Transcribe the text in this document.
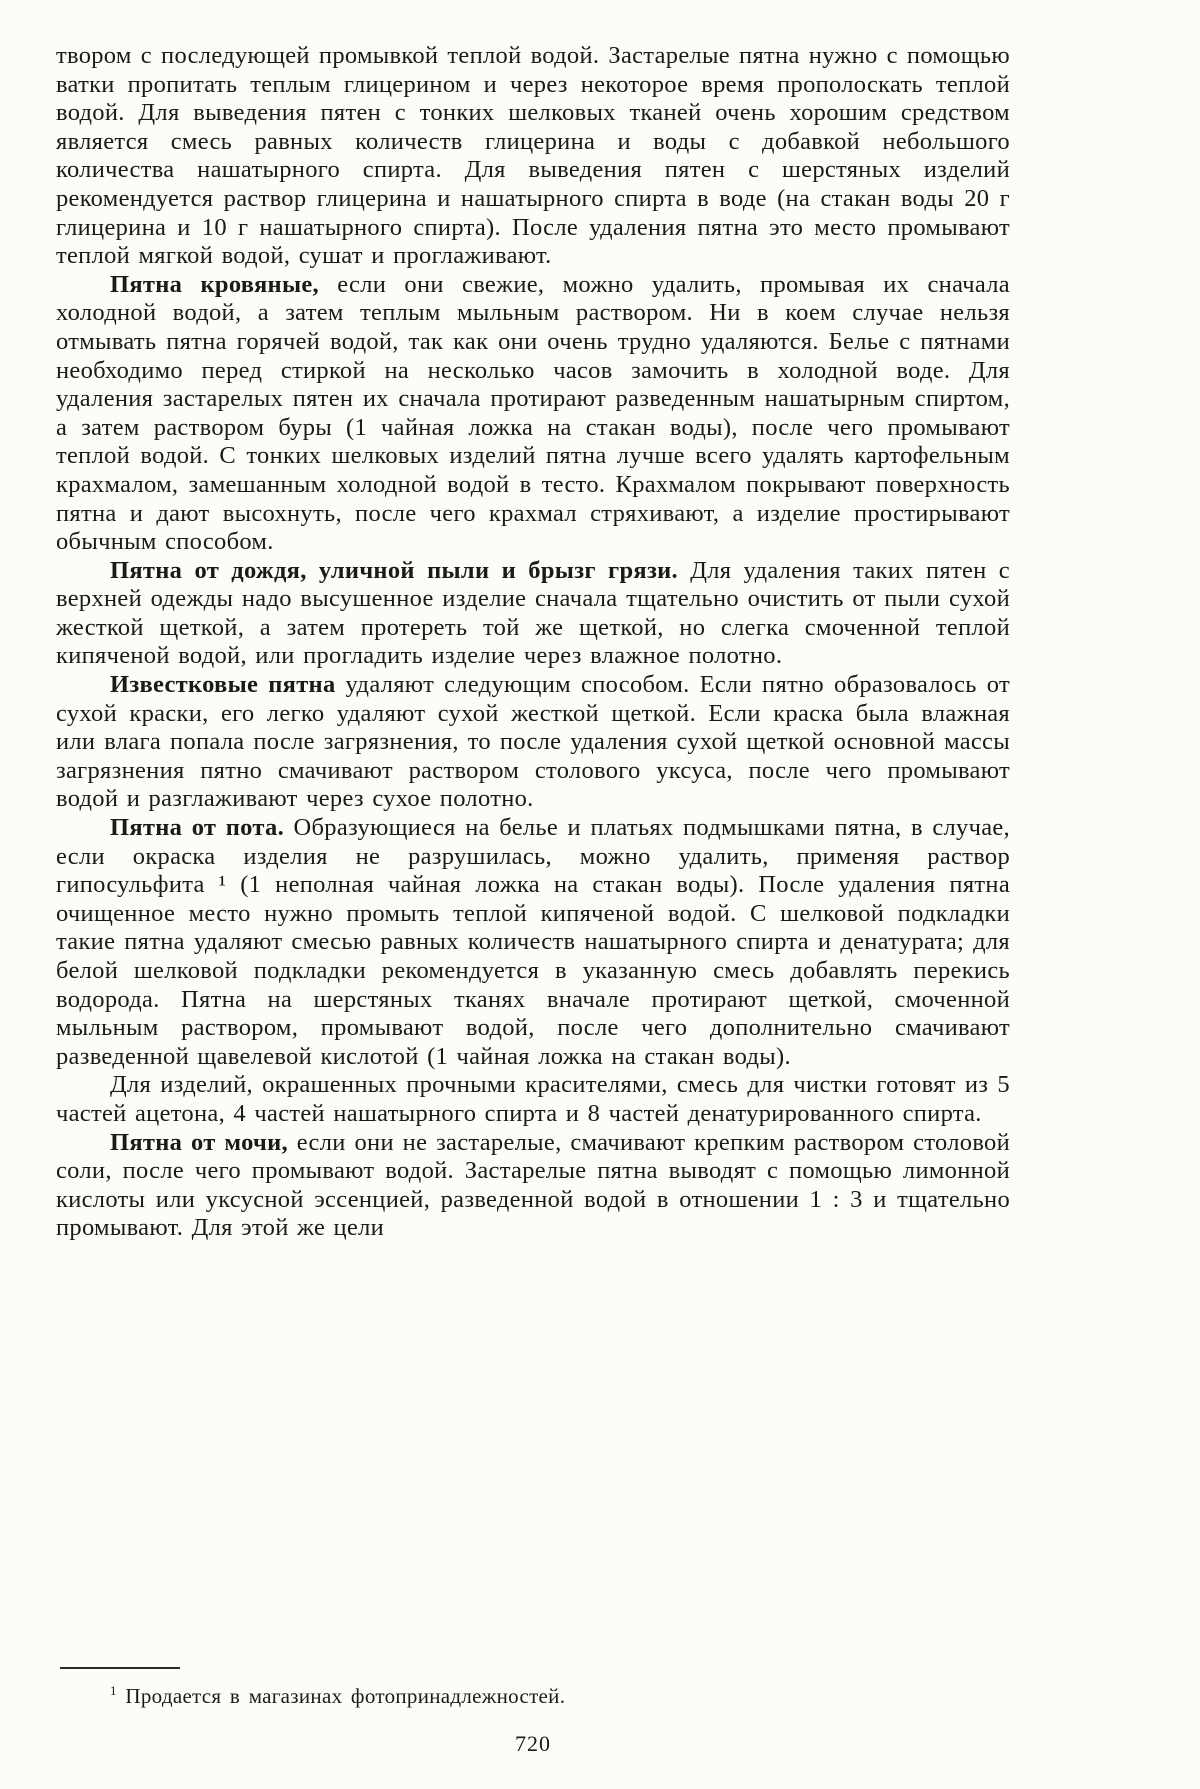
твором с последующей промывкой теплой водой. Застарелые пятна нужно с помощью ватки пропитать теплым глицерином и через некоторое время прополоскать теплой водой. Для выведения пятен с тонких шелковых тканей очень хорошим средством является смесь равных количеств глицерина и воды с добавкой небольшого количества нашатырного спирта. Для выведения пятен с шерстяных изделий рекомендуется раствор глицерина и нашатырного спирта в воде (на стакан воды 20 г глицерина и 10 г нашатырного спирта). После удаления пятна это место промывают теплой мягкой водой, сушат и проглаживают.

Пятна кровяные, если они свежие, можно удалить, промывая их сначала холодной водой, а затем теплым мыльным раствором. Ни в коем случае нельзя отмывать пятна горячей водой, так как они очень трудно удаляются. Белье с пятнами необходимо перед стиркой на несколько часов замочить в холодной воде. Для удаления застарелых пятен их сначала протирают разведенным нашатырным спиртом, а затем раствором буры (1 чайная ложка на стакан воды), после чего промывают теплой водой. С тонких шелковых изделий пятна лучше всего удалять картофельным крахмалом, замешанным холодной водой в тесто. Крахмалом покрывают поверхность пятна и дают высохнуть, после чего крахмал стряхивают, а изделие простирывают обычным способом.

Пятна от дождя, уличной пыли и брызг грязи. Для удаления таких пятен с верхней одежды надо высушенное изделие сначала тщательно очистить от пыли сухой жесткой щеткой, а затем протереть той же щеткой, но слегка смоченной теплой кипяченой водой, или прогладить изделие через влажное полотно.

Известковые пятна удаляют следующим способом. Если пятно образовалось от сухой краски, его легко удаляют сухой жесткой щеткой. Если краска была влажная или влага попала после загрязнения, то после удаления сухой щеткой основной массы загрязнения пятно смачивают раствором столового уксуса, после чего промывают водой и разглаживают через сухое полотно.

Пятна от пота. Образующиеся на белье и платьях подмышками пятна, в случае, если окраска изделия не разрушилась, можно удалить, применяя раствор гипосульфита ¹ (1 неполная чайная ложка на стакан воды). После удаления пятна очищенное место нужно промыть теплой кипяченой водой. С шелковой подкладки такие пятна удаляют смесью равных количеств нашатырного спирта и денатурата; для белой шелковой подкладки рекомендуется в указанную смесь добавлять перекись водорода. Пятна на шерстяных тканях вначале протирают щеткой, смоченной мыльным раствором, промывают водой, после чего дополнительно смачивают разведенной щавелевой кислотой (1 чайная ложка на стакан воды).

Для изделий, окрашенных прочными красителями, смесь для чистки готовят из 5 частей ацетона, 4 частей нашатырного спирта и 8 частей денатурированного спирта.

Пятна от мочи, если они не застарелые, смачивают крепким раствором столовой соли, после чего промывают водой. Застарелые пятна выводят с помощью лимонной кислоты или уксусной эссенцией, разведенной водой в отношении 1 : 3 и тщательно промывают. Для этой же цели

$^1$ Продается в магазинах фотопринадлежностей.

720
